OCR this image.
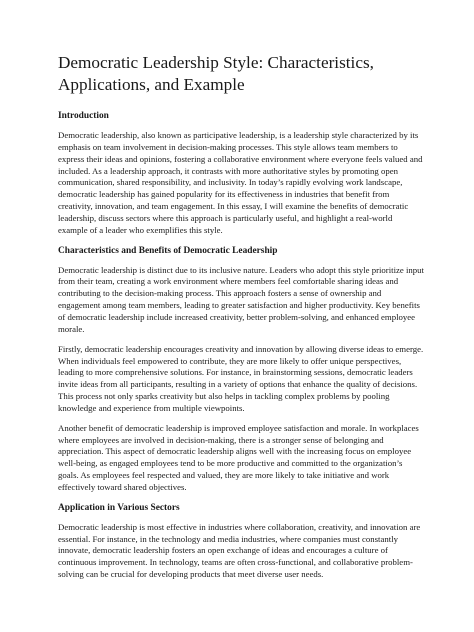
Democratic Leadership Style: Characteristics, Applications, and Example
Introduction

Democratic leadership, also known as participative leadership, is a leadership style characterized by its emphasis on team involvement in decision-making processes. This style allows team members to express their ideas and opinions, fostering a collaborative environment where everyone feels valued and included. As a leadership approach, it contrasts with more authoritative styles by promoting open communication, shared responsibility, and inclusivity. In today’s rapidly evolving work landscape, democratic leadership has gained popularity for its effectiveness in industries that benefit from creativity, innovation, and team engagement. In this essay, I will examine the benefits of democratic leadership, discuss sectors where this approach is particularly useful, and highlight a real-world example of a leader who exemplifies this style.

Characteristics and Benefits of Democratic Leadership

Democratic leadership is distinct due to its inclusive nature. Leaders who adopt this style prioritize input from their team, creating a work environment where members feel comfortable sharing ideas and contributing to the decision-making process. This approach fosters a sense of ownership and engagement among team members, leading to greater satisfaction and higher productivity. Key benefits of democratic leadership include increased creativity, better problem-solving, and enhanced employee morale.

Firstly, democratic leadership encourages creativity and innovation by allowing diverse ideas to emerge. When individuals feel empowered to contribute, they are more likely to offer unique perspectives, leading to more comprehensive solutions. For instance, in brainstorming sessions, democratic leaders invite ideas from all participants, resulting in a variety of options that enhance the quality of decisions. This process not only sparks creativity but also helps in tackling complex problems by pooling knowledge and experience from multiple viewpoints.

Another benefit of democratic leadership is improved employee satisfaction and morale. In workplaces where employees are involved in decision-making, there is a stronger sense of belonging and appreciation. This aspect of democratic leadership aligns well with the increasing focus on employee well-being, as engaged employees tend to be more productive and committed to the organization’s goals. As employees feel respected and valued, they are more likely to take initiative and work effectively toward shared objectives.

Application in Various Sectors

Democratic leadership is most effective in industries where collaboration, creativity, and innovation are essential. For instance, in the technology and media industries, where companies must constantly innovate, democratic leadership fosters an open exchange of ideas and encourages a culture of continuous improvement. In technology, teams are often cross-functional, and collaborative problem-solving can be crucial for developing products that meet diverse user needs.
